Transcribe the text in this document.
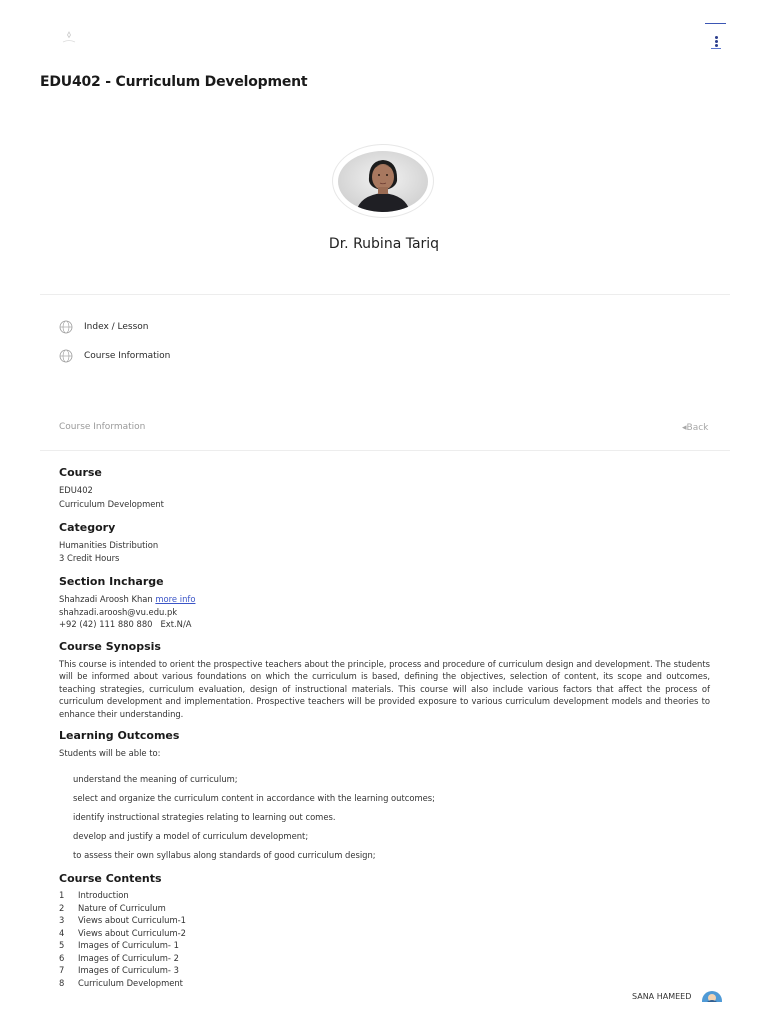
EDU402 - Curriculum Development
Dr. Rubina Tariq
Index / Lesson
Course Information
Course Information	◂Back

Course

EDU402

Curriculum Development

Category

Humanities Distribution

3 Credit Hours

Section Incharge

Shahzadi Aroosh Khan more info

shahzadi.aroosh@vu.edu.pk

+92 (42) 111 880 880 Ext.N/A

Course Synopsis

This course is intended to orient the prospective teachers about the principle, process and procedure of curriculum design and development. The students will be informed about various foundations on which the curriculum is based, defining the objectives, selection of content, its scope and outcomes, teaching strategies, curriculum evaluation, design of instructional materials. This course will also include various factors that affect the process of curriculum development and implementation. Prospective teachers will be provided exposure to various curriculum development models and theories to enhance their understanding.

Learning Outcomes

Students will be able to:

understand the meaning of curriculum;
select and organize the curriculum content in accordance with the learning outcomes;
identify instructional strategies relating to learning out comes.
develop and justify a model of curriculum development;
to assess their own syllabus along standards of good curriculum design;

Course Contents

1	Introduction
2	Nature of Curriculum
3	Views about Curriculum-1
4	Views about Curriculum-2
5	Images of Curriculum- 1
6	Images of Curriculum- 2
7	Images of Curriculum- 3
8	Curriculum Development
SANA HAMEED
